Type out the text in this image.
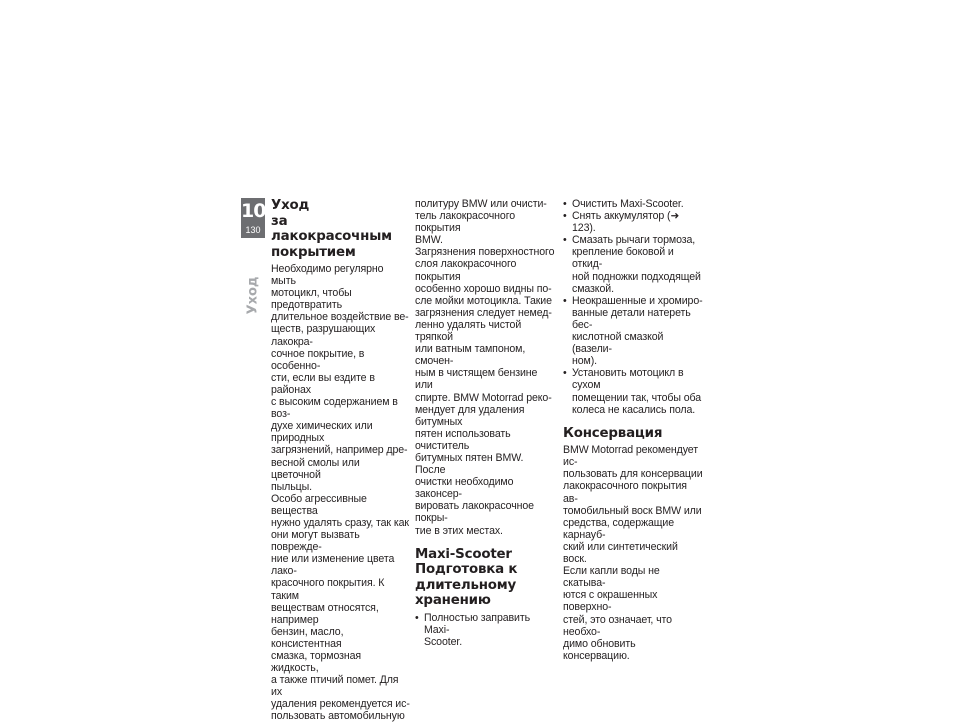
10
130
Уход
Уход
за лакокрасочным
покрытием

Необходимо регулярно мыть
мотоцикл, чтобы предотвратить
длительное воздействие ве-
ществ, разрушающих лакокра-
сочное покрытие, в особенно-
сти, если вы ездите в районах
с высоким содержанием в воз-
духе химических или природных
загрязнений, например дре-
весной смолы или цветочной
пыльцы.

Особо агрессивные вещества
нужно удалять сразу, так как
они могут вызвать поврежде-
ние или изменение цвета лако-
красочного покрытия. К таким
веществам относятся, например
бензин, масло, консистентная
смазка, тормозная жидкость,
а также птичий помет. Для их
удаления рекомендуется ис-
пользовать автомобильную

политуру BMW или очисти-
тель лакокрасочного покрытия
BMW.

Загрязнения поверхностного
слоя лакокрасочного покрытия
особенно хорошо видны по-
сле мойки мотоцикла. Такие
загрязнения следует немед-
ленно удалять чистой тряпкой
или ватным тампоном, смочен-
ным в чистящем бензине или
спирте. BMW Motorrad реко-
мендует для удаления битумных
пятен использовать очиститель
битумных пятен BMW. После
очистки необходимо законсер-
вировать лакокрасочное покры-
тие в этих местах.

Maxi-Scooter
Подготовка к
длительному
хранению
• Полностью заправить Maxi-
Scooter.
• Очистить Maxi-Scooter.
• Снять аккумулятор (➜ 123).
• Смазать рычаги тормоза,
крепление боковой и откид-
ной подножки подходящей
смазкой.
• Неокрашенные и хромиро-
ванные детали натереть бес-
кислотной смазкой (вазели-
ном).
• Установить мотоцикл в сухом
помещении так, чтобы оба
колеса не касались пола.
Консервация

BMW Motorrad рекомендует ис-
пользовать для консервации
лакокрасочного покрытия ав-
томобильный воск BMW или
средства, содержащие карнауб-
ский или синтетический воск.

Если капли воды не скатыва-
ются с окрашенных поверхно-
стей, это означает, что необхо-
димо обновить консервацию.
